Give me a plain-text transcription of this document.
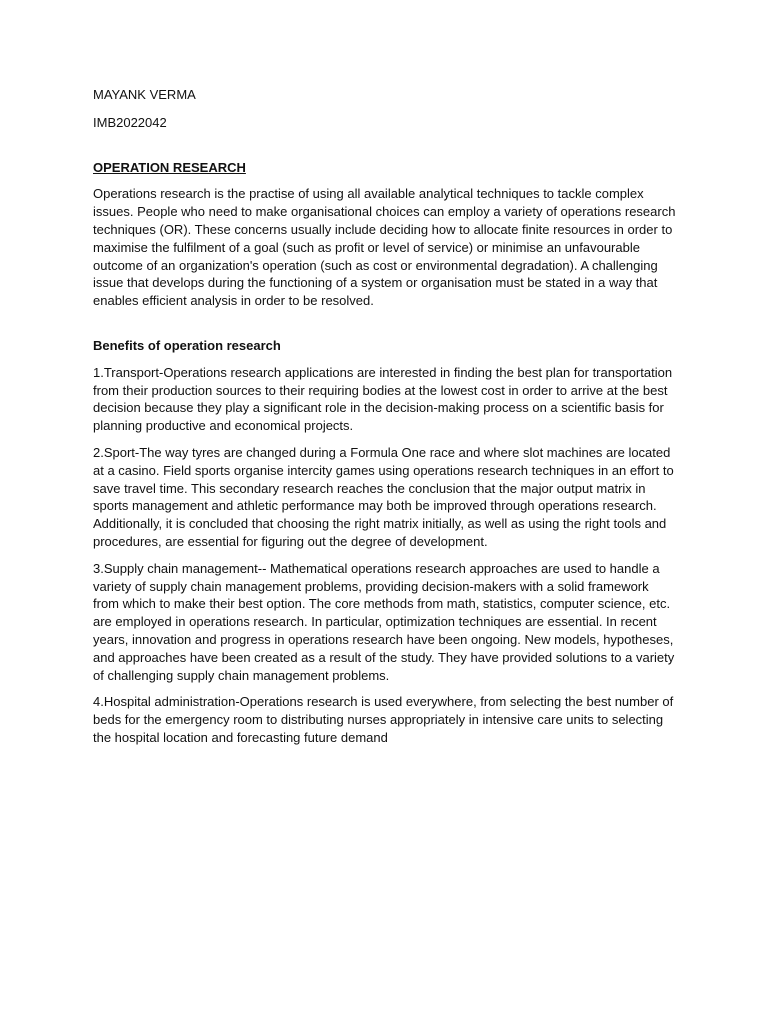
MAYANK VERMA

IMB2022042

OPERATION RESEARCH

Operations research is the practise of using all available analytical techniques to tackle complex issues. People who need to make organisational choices can employ a variety of operations research techniques (OR). These concerns usually include deciding how to allocate finite resources in order to maximise the fulfilment of a goal (such as profit or level of service) or minimise an unfavourable outcome of an organization's operation (such as cost or environmental degradation). A challenging issue that develops during the functioning of a system or organisation must be stated in a way that enables efficient analysis in order to be resolved.

Benefits of operation research

1.Transport-Operations research applications are interested in finding the best plan for transportation from their production sources to their requiring bodies at the lowest cost in order to arrive at the best decision because they play a significant role in the decision-making process on a scientific basis for planning productive and economical projects.

2.Sport-The way tyres are changed during a Formula One race and where slot machines are located at a casino. Field sports organise intercity games using operations research techniques in an effort to save travel time. This secondary research reaches the conclusion that the major output matrix in sports management and athletic performance may both be improved through operations research. Additionally, it is concluded that choosing the right matrix initially, as well as using the right tools and procedures, are essential for figuring out the degree of development.

3.Supply chain management-- Mathematical operations research approaches are used to handle a variety of supply chain management problems, providing decision-makers with a solid framework from which to make their best option. The core methods from math, statistics, computer science, etc. are employed in operations research. In particular, optimization techniques are essential. In recent years, innovation and progress in operations research have been ongoing. New models, hypotheses, and approaches have been created as a result of the study. They have provided solutions to a variety of challenging supply chain management problems.

4.Hospital administration-Operations research is used everywhere, from selecting the best number of beds for the emergency room to distributing nurses appropriately in intensive care units to selecting the hospital location and forecasting future demand
